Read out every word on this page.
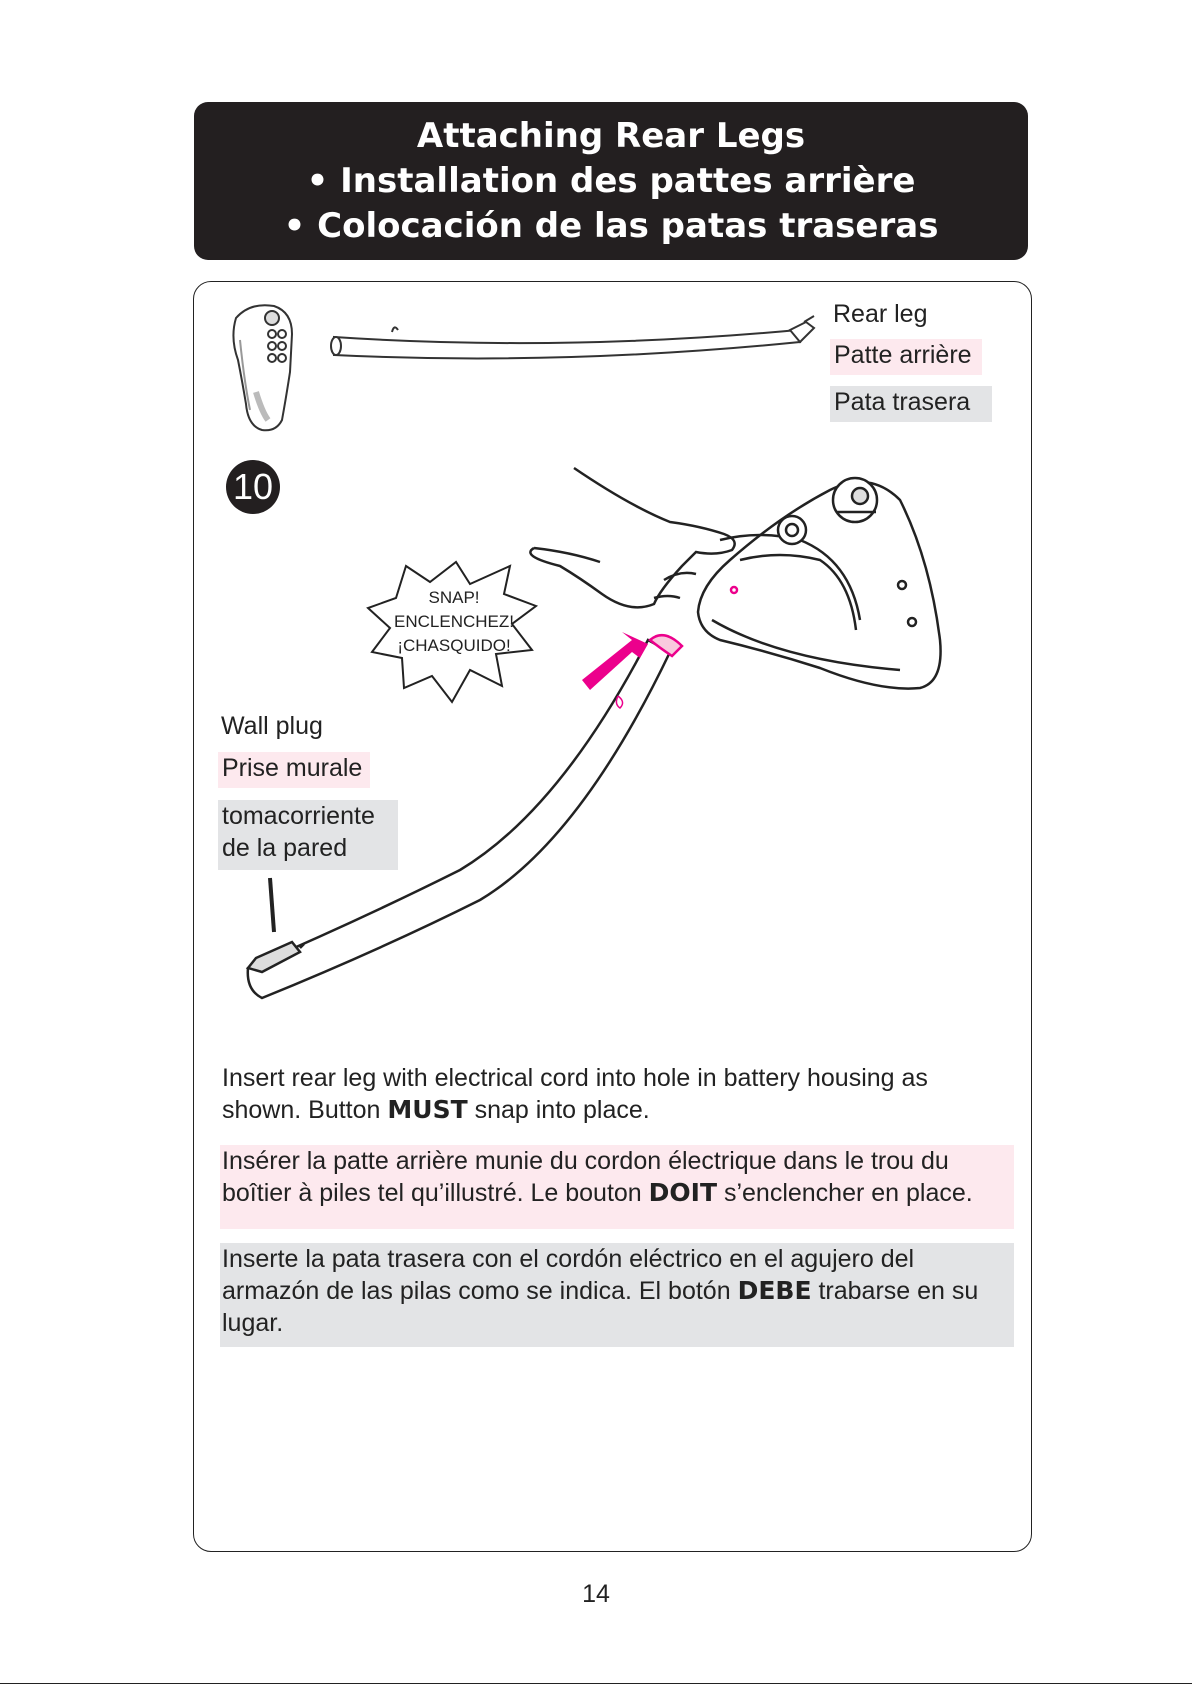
Attaching Rear Legs
• Installation des pattes arrière
• Colocación de las patas traseras
Rear leg
Patte arrière
Pata trasera
10
SNAP!
ENCLENCHEZ!
¡CHASQUIDO!
Wall plug
Prise murale
tomacorriente
de la pared
Insert rear leg with electrical cord into hole in battery housing as
shown. Button MUST snap into place.
Insérer la patte arrière munie du cordon électrique dans le trou du
boîtier à piles tel qu’illustré. Le bouton DOIT s’enclencher en place.
Inserte la pata trasera con el cordón eléctrico en el agujero del
armazón de las pilas como se indica. El botón DEBE trabarse en su
lugar.
14
